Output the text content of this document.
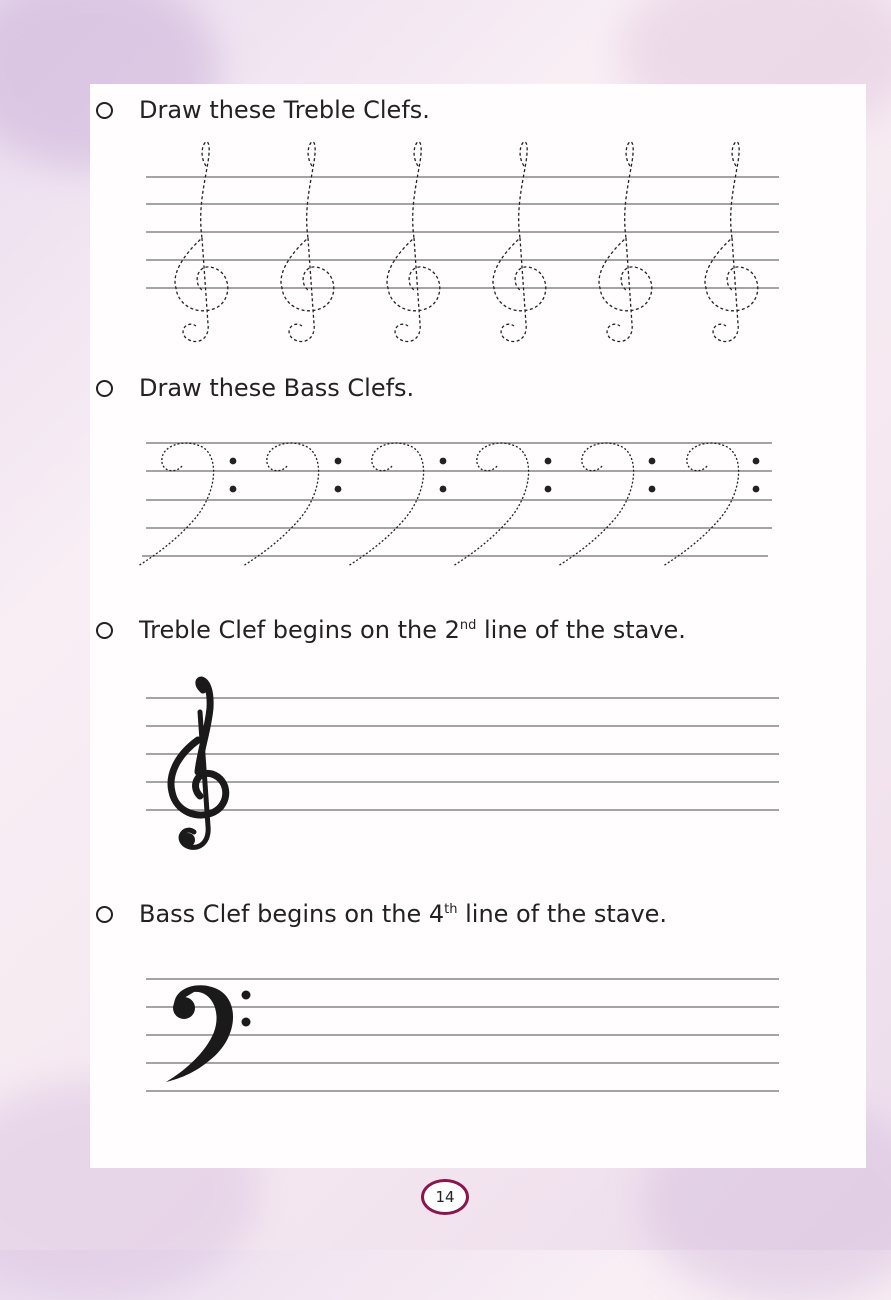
Draw these Treble Clefs.
Draw these Bass Clefs.
Treble Clef begins on the 2nd line of the stave.
Bass Clef begins on the 4th line of the stave.
14
